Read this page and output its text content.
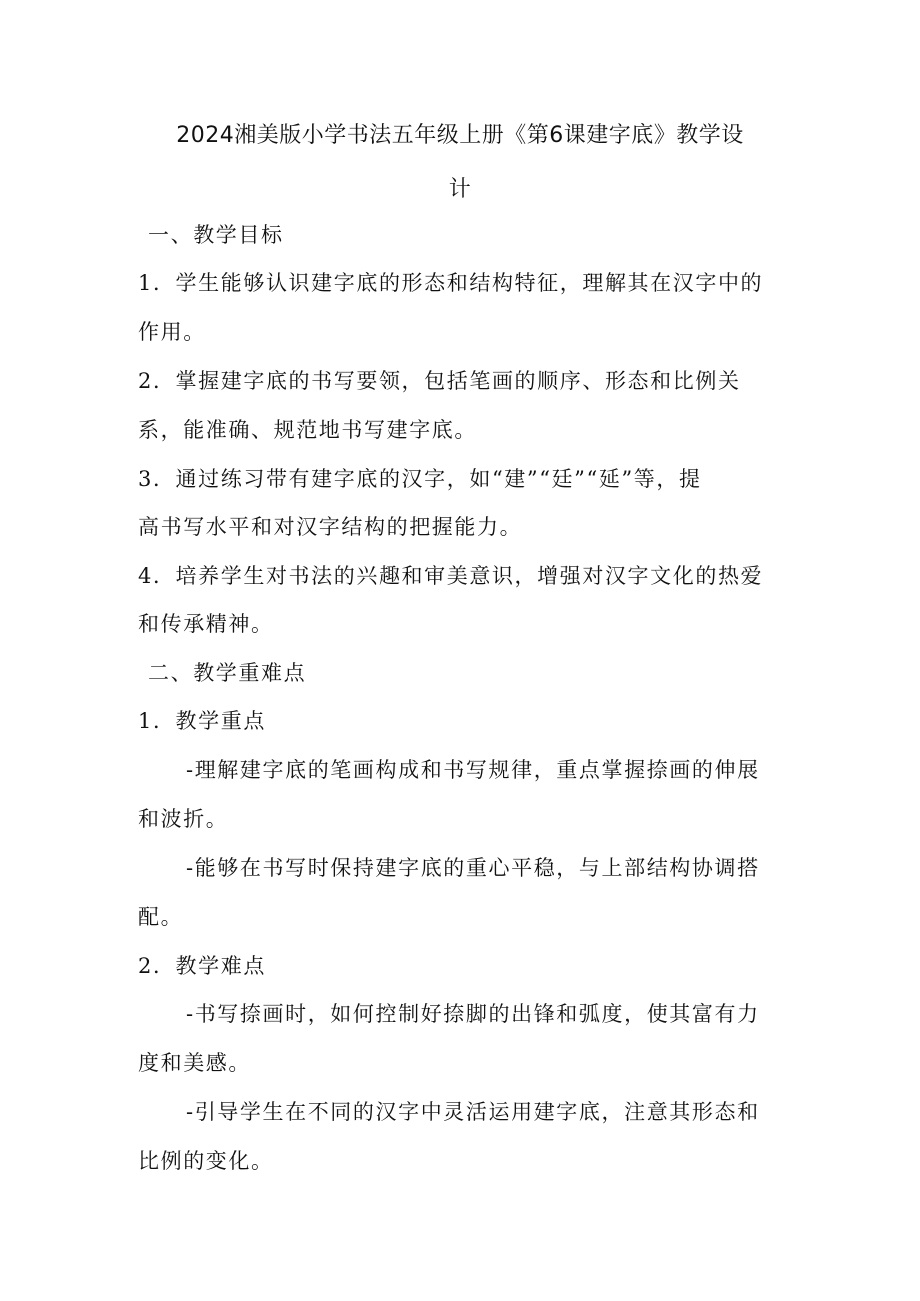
2024湘美版小学书法五年级上册《第6课建字底》教学设
计

一、教学目标

1．学生能够认识建字底的形态和结构特征，理解其在汉字中的

作用。

2．掌握建字底的书写要领，包括笔画的顺序、形态和比例关

系，能准确、规范地书写建字底。

3．通过练习带有建字底的汉字，如“建”“廷”“延”等，提

高书写水平和对汉字结构的把握能力。

4．培养学生对书法的兴趣和审美意识，增强对汉字文化的热爱

和传承精神。

二、教学重难点

1．教学重点

-理解建字底的笔画构成和书写规律，重点掌握捺画的伸展

和波折。

-能够在书写时保持建字底的重心平稳，与上部结构协调搭

配。

2．教学难点

-书写捺画时，如何控制好捺脚的出锋和弧度，使其富有力

度和美感。

-引导学生在不同的汉字中灵活运用建字底，注意其形态和

比例的变化。
